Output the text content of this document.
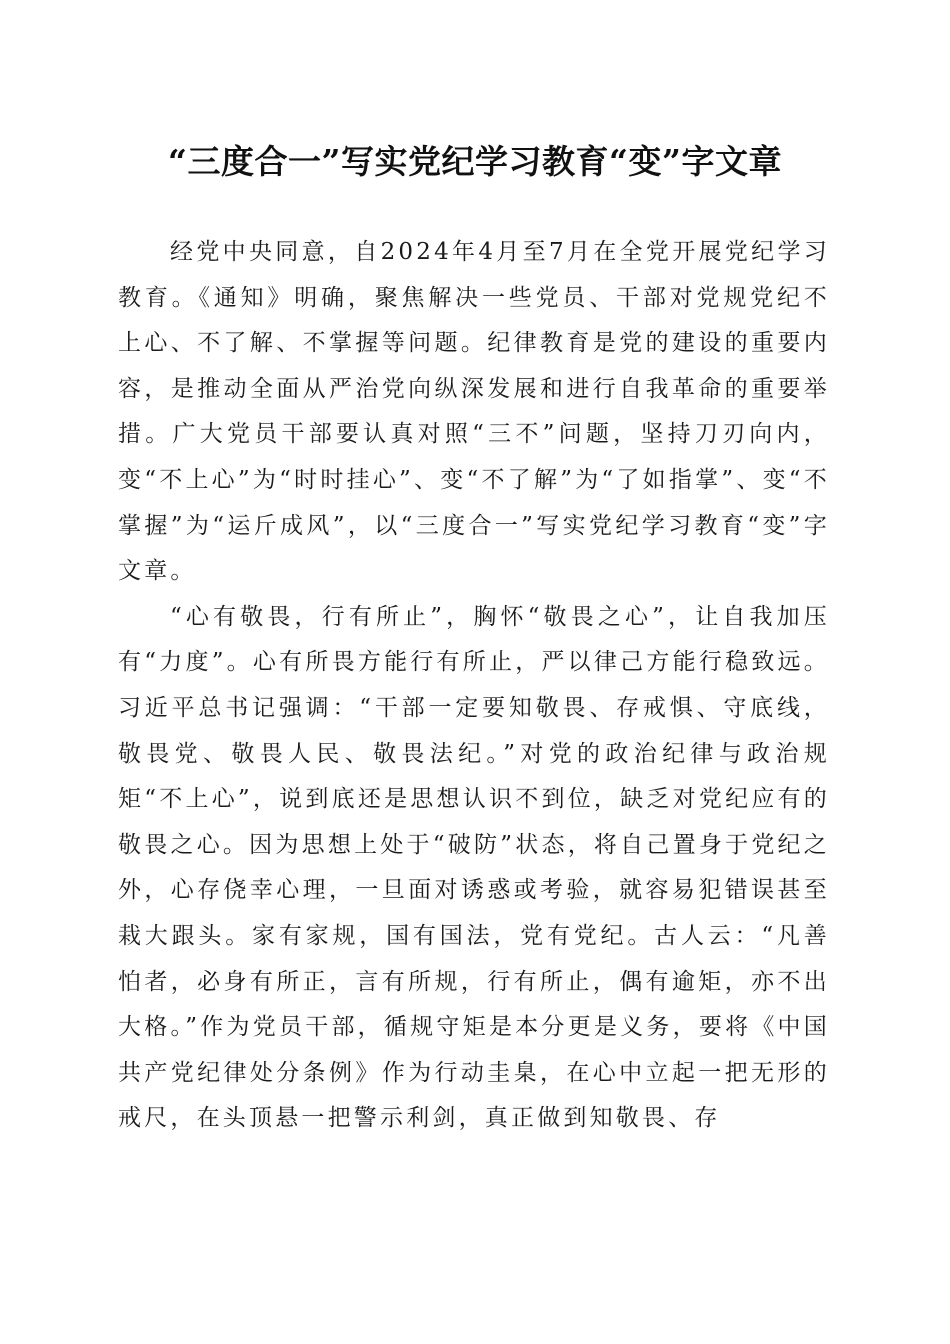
“三度合一”写实党纪学习教育“变”字文章

经党中央同意，自2024年4月至7月在全党开展党纪学习教育。《通知》明确，聚焦解决一些党员、干部对党规党纪不上心、不了解、不掌握等问题。纪律教育是党的建设的重要内容，是推动全面从严治党向纵深发展和进行自我革命的重要举措。广大党员干部要认真对照“三不”问题，坚持刀刃向内，变“不上心”为“时时挂心”、变“不了解”为“了如指掌”、变“不掌握”为“运斤成风”，以“三度合一”写实党纪学习教育“变”字文章。

“心有敬畏，行有所止”，胸怀“敬畏之心”，让自我加压有“力度”。心有所畏方能行有所止，严以律己方能行稳致远。习近平总书记强调：“干部一定要知敬畏、存戒惧、守底线，敬畏党、敬畏人民、敬畏法纪。”对党的政治纪律与政治规矩“不上心”，说到底还是思想认识不到位，缺乏对党纪应有的敬畏之心。因为思想上处于“破防”状态，将自己置身于党纪之外，心存侥幸心理，一旦面对诱惑或考验，就容易犯错误甚至栽大跟头。家有家规，国有国法，党有党纪。古人云：“凡善怕者，必身有所正，言有所规，行有所止，偶有逾矩，亦不出大格。”作为党员干部，循规守矩是本分更是义务，要将《中国共产党纪律处分条例》作为行动圭臬，在心中立起一把无形的戒尺，在头顶悬一把警示利剑，真正做到知敬畏、存
